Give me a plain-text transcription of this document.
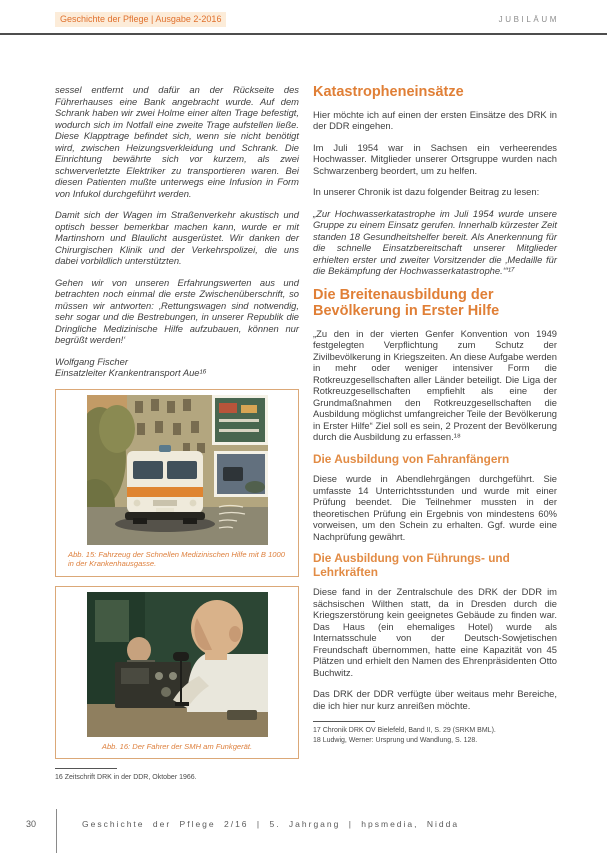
Geschichte der Pflege | Ausgabe 2-2016	JUBILÄUM

sessel entfernt und dafür an der Rückseite des Führerhauses eine Bank angebracht wurde. Auf dem Schrank haben wir zwei Holme einer alten Trage befestigt, wodurch sich im Notfall eine zweite Trage aufstellen ließe. Diese Klapptrage befindet sich, wenn sie nicht benötigt wird, zwischen Heizungsverkleidung und Schrank. Die Einrichtung bewährte sich vor kurzem, als zwei schwerverletzte Elektriker zu transportieren waren. Bei diesen Patienten mußte unterwegs eine Infusion in Form von Infukol durchgeführt werden.

Damit sich der Wagen im Straßenverkehr akustisch und optisch besser bemerkbar machen kann, wurde er mit Martinshorn und Blaulicht ausgerüstet. Wir danken der Chirurgischen Klinik und der Verkehrspolizei, die uns dabei vorbildlich unterstützten.

Gehen wir von unseren Erfahrungswerten aus und betrachten noch einmal die erste Zwischenüberschrift, so müssen wir antworten: ‚Rettungswagen sind notwendig, sehr sogar und die Bestrebungen, in unserer Republik die Dringliche Medizinische Hilfe aufzubauen, können nur begrüßt werden!‘

Wolfgang Fischer
Einsatzleiter Krankentransport Aue¹⁶

Abb. 15: Fahrzeug der Schnellen Medizinischen Hilfe mit B 1000 in der Krankenhausgasse.
Abb. 16: Der Fahrer der SMH am Funkgerät.
16 Zeitschrift DRK in der DDR, Oktober 1966.
Katastropheneinsätze

Hier möchte ich auf einen der ersten Einsätze des DRK in der DDR eingehen.

Im Juli 1954 war in Sachsen ein verheerendes Hochwasser. Mitglieder unserer Ortsgruppe wurden nach Schwarzenberg beordert, um zu helfen.

In unserer Chronik ist dazu folgender Beitrag zu lesen:

„Zur Hochwasserkatastrophe im Juli 1954 wurde unsere Gruppe zu einem Einsatz gerufen. Innerhalb kürzester Zeit standen 18 Gesundheitshelfer bereit. Als Anerkennung für die schnelle Einsatzbereitschaft unserer Mitglieder erhielten erster und zweiter Vorsitzender die ‚Medaille für die Bekämpfung der Hochwasserkatastrophe.‘“¹⁷

Die Breitenausbildung der Bevölkerung in Erster Hilfe

„Zu den in der vierten Genfer Konvention von 1949 festgelegten Verpflichtung zum Schutz der Zivilbevölkerung in Kriegszeiten. An diese Aufgabe werden in mehr oder weniger intensiver Form die Rotkreuzgesellschaften aller Länder beteiligt. Die Liga der Rotkreuzgesellschaften empfiehlt als eine der Grundmaßnahmen den Rotkreuzgesellschaften die Ausbildung möglichst umfangreicher Teile der Bevölkerung in Erster Hilfe“ Ziel soll es sein, 2 Prozent der Bevölkerung durch die Ausbildung zu erfassen.¹⁸

Die Ausbildung von Fahranfängern

Diese wurde in Abendlehrgängen durchgeführt. Sie umfasste 14 Unterrichtsstunden und wurde mit einer Prüfung beendet. Die Teilnehmer mussten in der theoretischen Prüfung ein Ergebnis von mindestens 60% vorweisen, um den Schein zu erhalten. Ggf. wurde eine Nachprüfung gewährt.

Die Ausbildung von Führungs- und Lehrkräften

Diese fand in der Zentralschule des DRK der DDR im sächsischen Wilthen statt, da in Dresden durch die Kriegszerstörung kein geeignetes Gebäude zu finden war. Das Haus (ein ehemaliges Hotel) wurde als Internatsschule von der Deutsch-Sowjetischen Freundschaft übernommen, hatte eine Kapazität von 45 Plätzen und erhielt den Namen des Ehrenpräsidenten Otto Buchwitz.

Das DRK der DDR verfügte über weitaus mehr Bereiche, die ich hier nur kurz anreißen möchte.

17 Chronik DRK OV Bielefeld, Band II, S. 29 (SRKM BML).
18 Ludwig, Werner: Ursprung und Wandlung, S. 128.
30	Geschichte der Pflege 2/16 | 5. Jahrgang | hpsmedia, Nidda
